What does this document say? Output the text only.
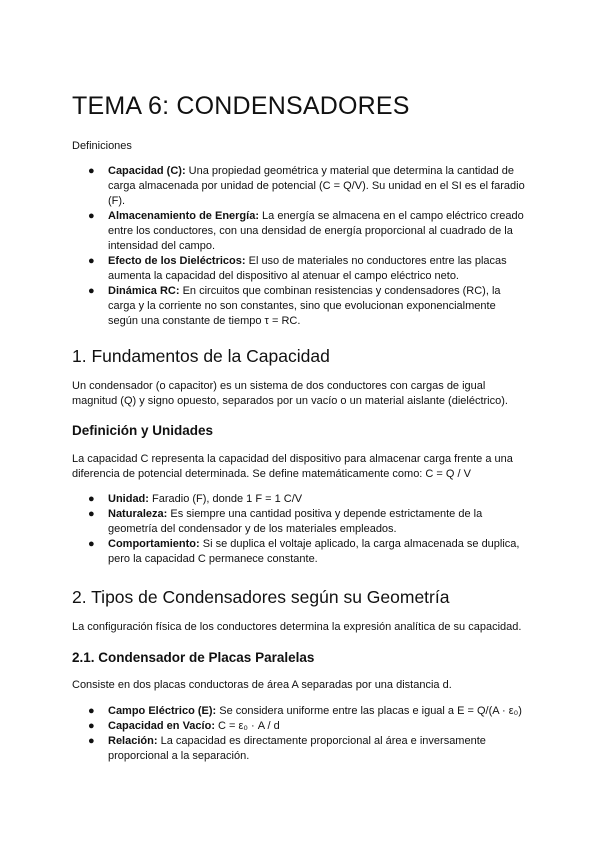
TEMA 6: CONDENSADORES

Definiciones

● Capacidad (C): Una propiedad geométrica y material que determina la cantidad de carga almacenada por unidad de potencial (C = Q/V). Su unidad en el SI es el faradio (F).
● Almacenamiento de Energía: La energía se almacena en el campo eléctrico creado entre los conductores, con una densidad de energía proporcional al cuadrado de la intensidad del campo.
● Efecto de los Dieléctricos: El uso de materiales no conductores entre las placas aumenta la capacidad del dispositivo al atenuar el campo eléctrico neto.
● Dinámica RC: En circuitos que combinan resistencias y condensadores (RC), la carga y la corriente no son constantes, sino que evolucionan exponencialmente según una constante de tiempo τ = RC.
1. Fundamentos de la Capacidad

Un condensador (o capacitor) es un sistema de dos conductores con cargas de igual magnitud (Q) y signo opuesto, separados por un vacío o un material aislante (dieléctrico).

Definición y Unidades

La capacidad C representa la capacidad del dispositivo para almacenar carga frente a una diferencia de potencial determinada. Se define matemáticamente como: C = Q / V

● Unidad: Faradio (F), donde 1 F = 1 C/V
● Naturaleza: Es siempre una cantidad positiva y depende estrictamente de la geometría del condensador y de los materiales empleados.
● Comportamiento: Si se duplica el voltaje aplicado, la carga almacenada se duplica, pero la capacidad C permanece constante.
2. Tipos de Condensadores según su Geometría

La configuración física de los conductores determina la expresión analítica de su capacidad.

2.1. Condensador de Placas Paralelas

Consiste en dos placas conductoras de área A separadas por una distancia d.

● Campo Eléctrico (E): Se considera uniforme entre las placas e igual a E = Q/(A · ε₀)
● Capacidad en Vacío: C = ε₀ · A / d
● Relación: La capacidad es directamente proporcional al área e inversamente proporcional a la separación.
